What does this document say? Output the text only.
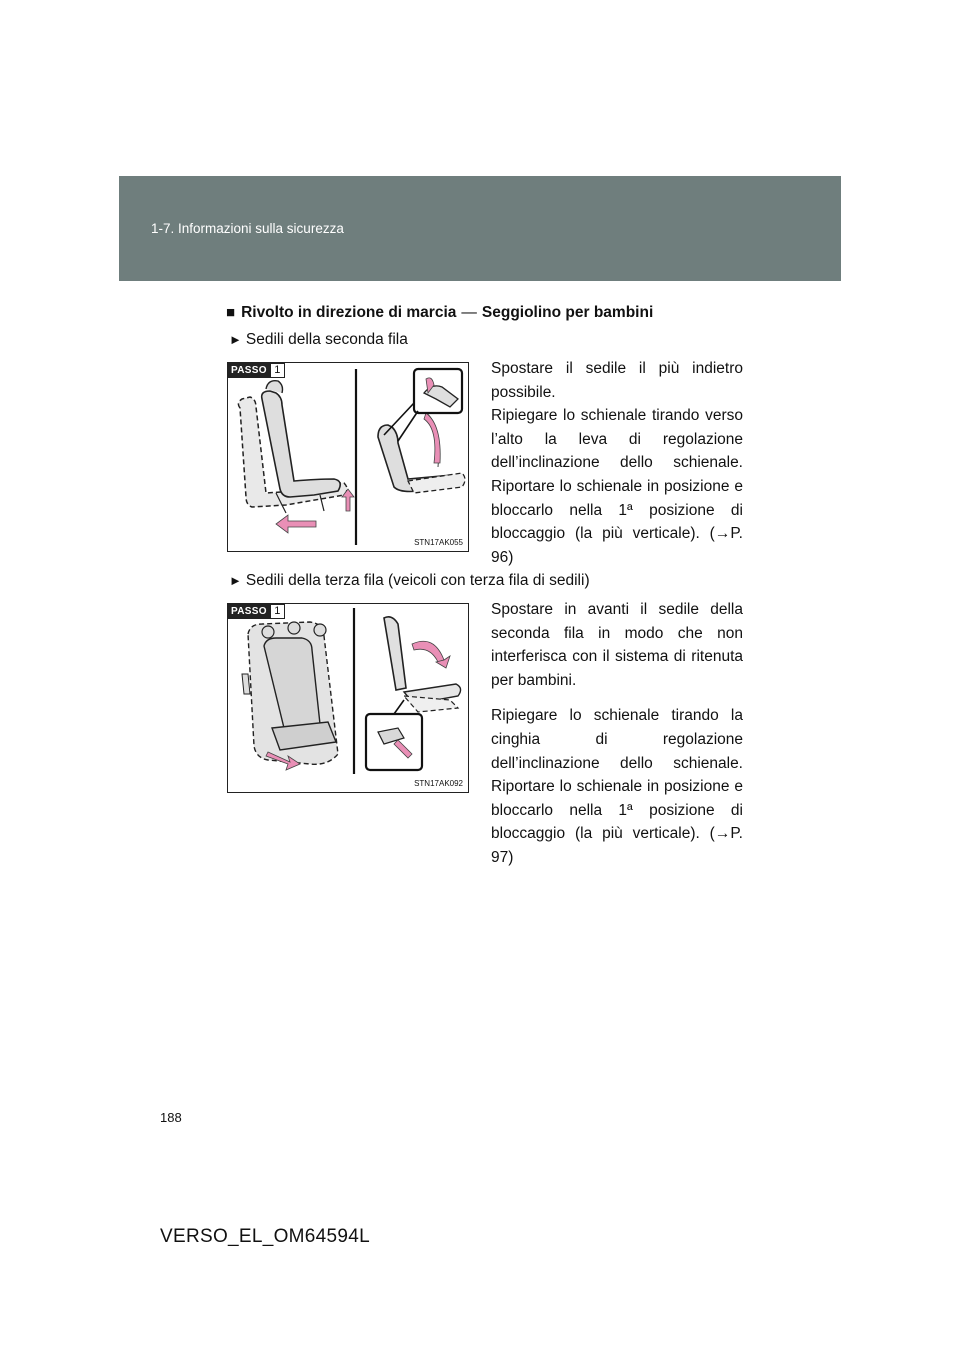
1-7. Informazioni sulla sicurezza
■ Rivolto in direzione di marcia — Seggiolino per bambini
► Sedili della seconda fila
PASSO 1
STN17AK055

Spostare il sedile il più indietro possibile.

Ripiegare lo schienale tirando verso l’alto la leva di regolazione dell’inclinazione dello schienale. Riportare lo schienale in posizione e bloccarlo nella 1ª posizione di bloccaggio (la più verticale). (→P. 96)

► Sedili della terza fila (veicoli con terza fila di sedili)
PASSO 1
STN17AK092

Spostare in avanti il sedile della seconda fila in modo che non interferisca con il sistema di ritenuta per bambini.

Ripiegare lo schienale tirando la cinghia di regolazione dell’inclinazione dello schienale. Riportare lo schienale in posizione e bloccarlo nella 1ª posizione di bloccaggio (la più verticale). (→P. 97)

188
VERSO_EL_OM64594L
